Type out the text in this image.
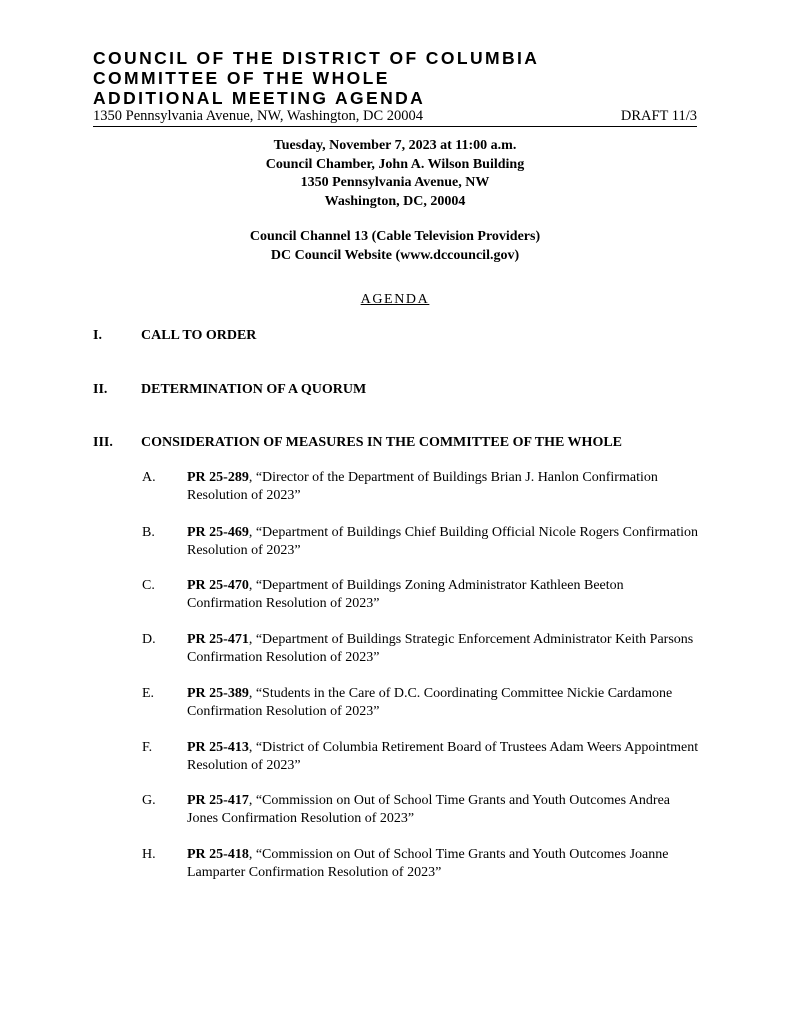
COUNCIL OF THE DISTRICT OF COLUMBIA
COMMITTEE OF THE WHOLE
ADDITIONAL MEETING AGENDA
1350 Pennsylvania Avenue, NW, Washington, DC 20004	DRAFT 11/3
Tuesday, November 7, 2023 at 11:00 a.m.
Council Chamber, John A. Wilson Building
1350 Pennsylvania Avenue, NW
Washington, DC, 20004
Council Channel 13 (Cable Television Providers)
DC Council Website (www.dccouncil.gov)
AGENDA
I.	CALL TO ORDER
II. DETERMINATION OF A QUORUM
III. CONSIDERATION OF MEASURES IN THE COMMITTEE OF THE WHOLE
A. PR 25-289, “Director of the Department of Buildings Brian J. Hanlon Confirmation Resolution of 2023”
B. PR 25-469, “Department of Buildings Chief Building Official Nicole Rogers Confirmation Resolution of 2023”
C. PR 25-470, “Department of Buildings Zoning Administrator Kathleen Beeton Confirmation Resolution of 2023”
D. PR 25-471, “Department of Buildings Strategic Enforcement Administrator Keith Parsons Confirmation Resolution of 2023”
E. PR 25-389, “Students in the Care of D.C. Coordinating Committee Nickie Cardamone Confirmation Resolution of 2023”
F. PR 25-413, “District of Columbia Retirement Board of Trustees Adam Weers Appointment Resolution of 2023”
G. PR 25-417, “Commission on Out of School Time Grants and Youth Outcomes Andrea Jones Confirmation Resolution of 2023”
H. PR 25-418, “Commission on Out of School Time Grants and Youth Outcomes Joanne Lamparter Confirmation Resolution of 2023”
